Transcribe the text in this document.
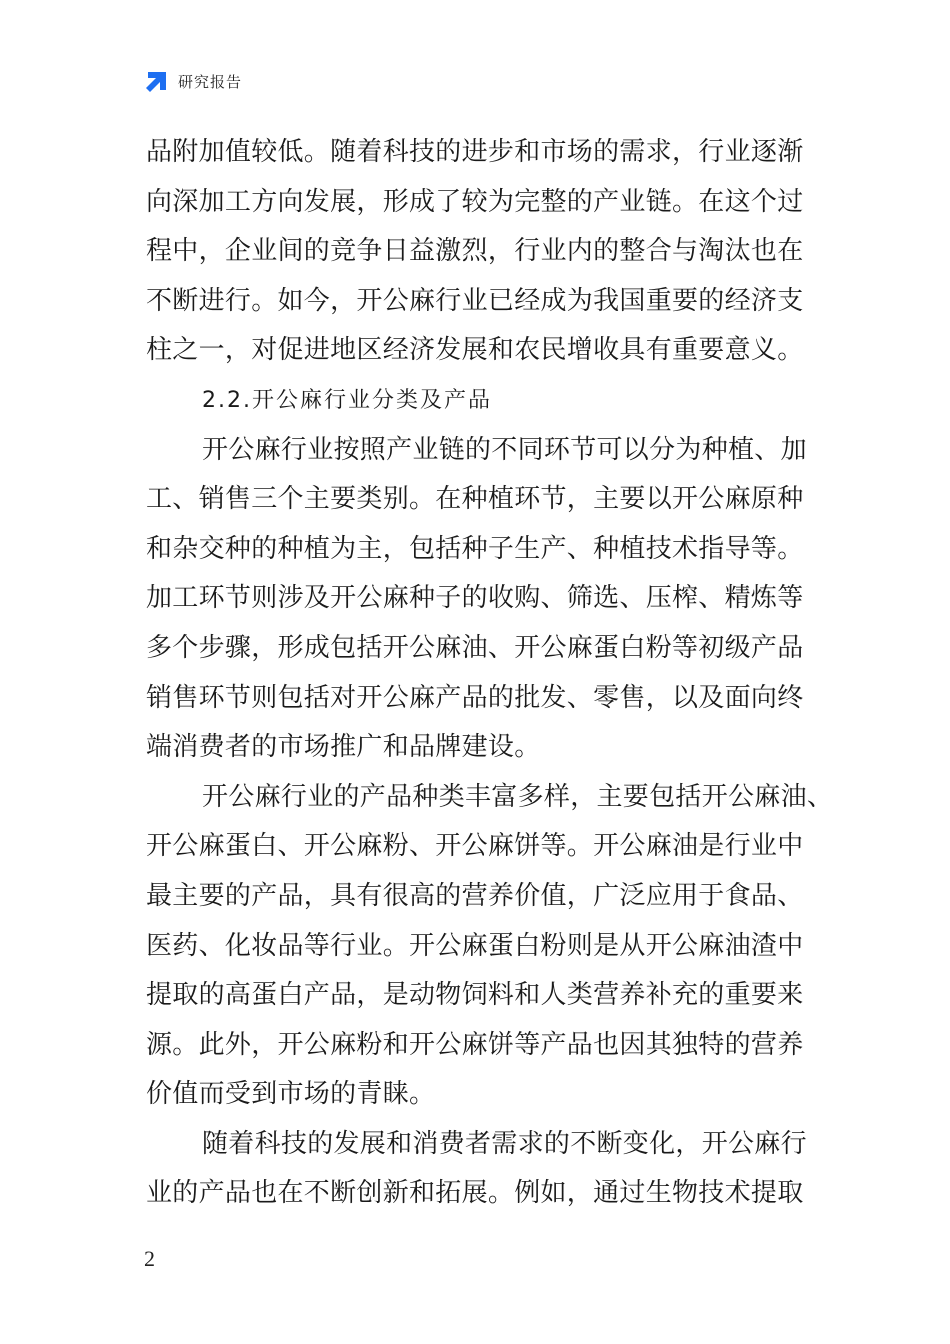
研究报告
品附加值较低。随着科技的进步和市场的需求，行业逐渐
向深加工方向发展，形成了较为完整的产业链。在这个过
程中，企业间的竞争日益激烈，行业内的整合与淘汰也在
不断进行。如今，开公麻行业已经成为我国重要的经济支
柱之一，对促进地区经济发展和农民增收具有重要意义。
2.2.开公麻行业分类及产品
开公麻行业按照产业链的不同环节可以分为种植、加
工、销售三个主要类别。在种植环节，主要以开公麻原种
和杂交种的种植为主，包括种子生产、种植技术指导等。
加工环节则涉及开公麻种子的收购、筛选、压榨、精炼等
多个步骤，形成包括开公麻油、开公麻蛋白粉等初级产品
销售环节则包括对开公麻产品的批发、零售，以及面向终
端消费者的市场推广和品牌建设。
开公麻行业的产品种类丰富多样，主要包括开公麻油、
开公麻蛋白、开公麻粉、开公麻饼等。开公麻油是行业中
最主要的产品，具有很高的营养价值，广泛应用于食品、
医药、化妆品等行业。开公麻蛋白粉则是从开公麻油渣中
提取的高蛋白产品，是动物饲料和人类营养补充的重要来
源。此外，开公麻粉和开公麻饼等产品也因其独特的营养
价值而受到市场的青睐。
随着科技的发展和消费者需求的不断变化，开公麻行
业的产品也在不断创新和拓展。例如，通过生物技术提取
2
